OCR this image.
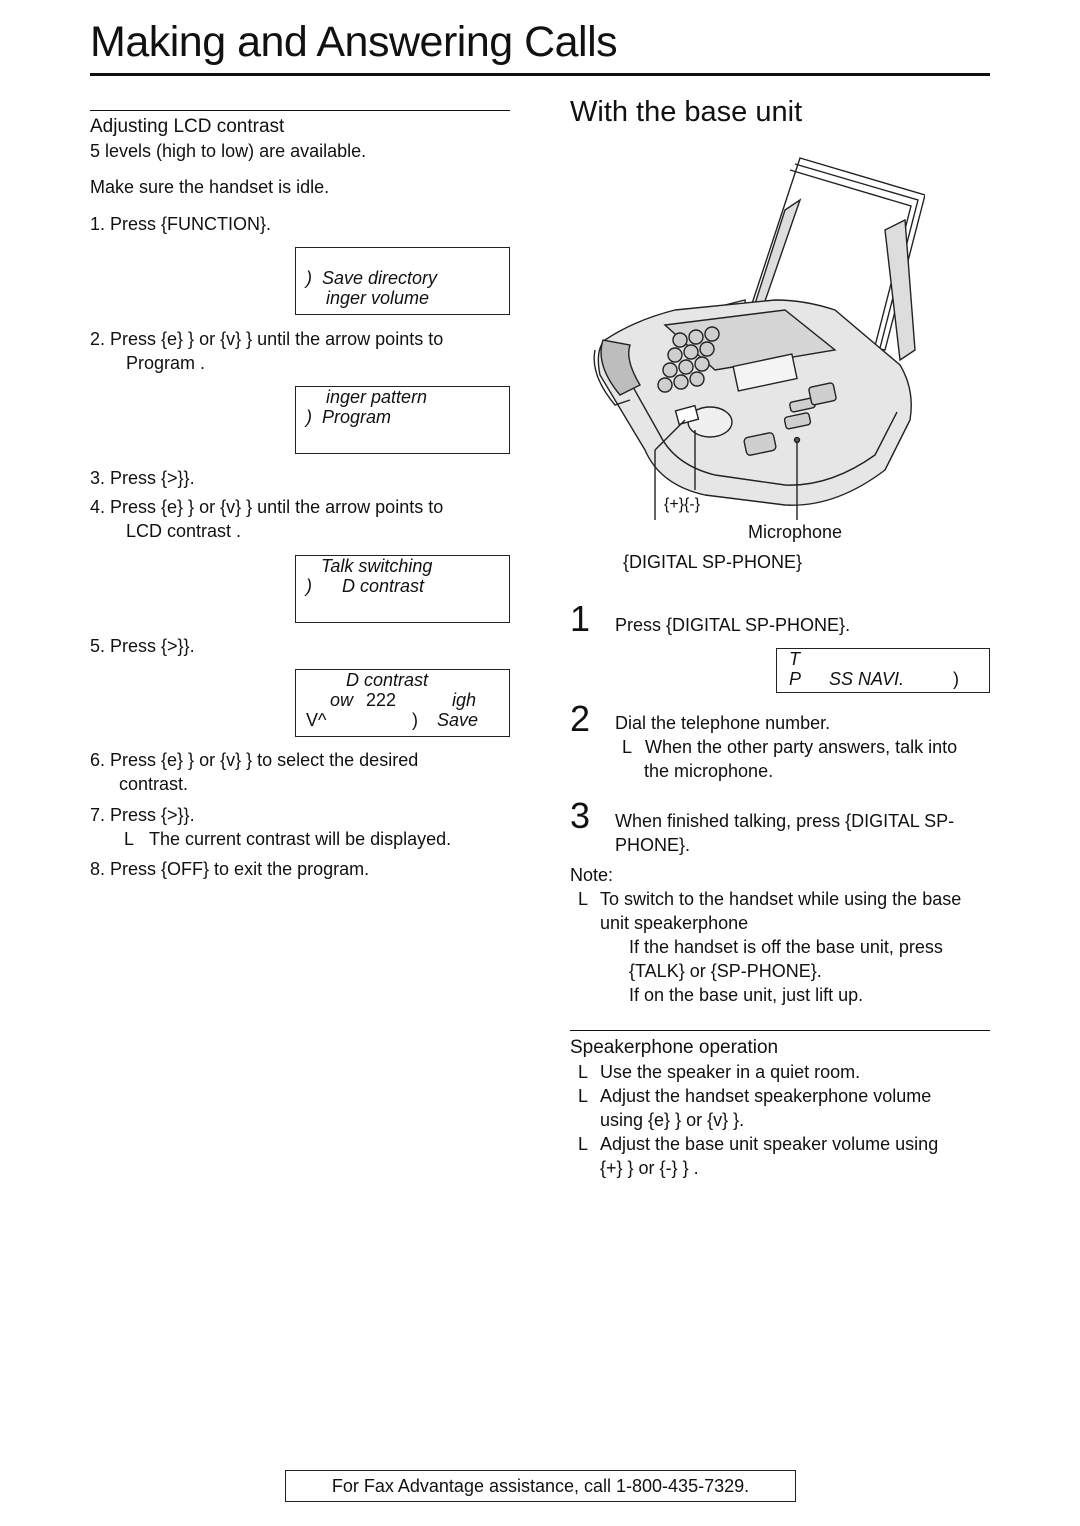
Making and Answering Calls
Adjusting LCD contrast
5 levels (high to low) are available.
Make sure the handset is idle.
1. Press {FUNCTION}.
)  Save directory
inger volume
2. Press {e} } or {v} } until the arrow points to
Program .
inger pattern
)  Program
3. Press {>}}.
4. Press {e} } or {v} } until the arrow points to
LCD contrast .
Talk switching
)      D contrast
5. Press {>}}.
D contrast
ow 222	igh
V^	) Save
6. Press {e} } or {v} } to select the desired
contrast.
7. Press {>}}.
L The current contrast will be displayed.
8. Press {OFF} to exit the program.
With the base unit
{+}{-}
Microphone
{DIGITAL SP-PHONE}
1 Press {DIGITAL SP-PHONE}.
T
P SS NAVI.	)
2 Dial the telephone number.
L When the other party answers, talk into
the microphone.
3 When finished talking, press {DIGITAL SP-
PHONE}.
Note:
L To switch to the handset while using the base
unit speakerphone
If the handset is off the base unit, press
{TALK} or {SP-PHONE}.
If on the base unit, just lift up.
Speakerphone operation
L Use the speaker in a quiet room.
L Adjust the handset speakerphone volume
using {e} } or {v} }.
L Adjust the base unit speaker volume using
{+} } or {-} } .
For Fax Advantage assistance, call 1-800-435-7329.
